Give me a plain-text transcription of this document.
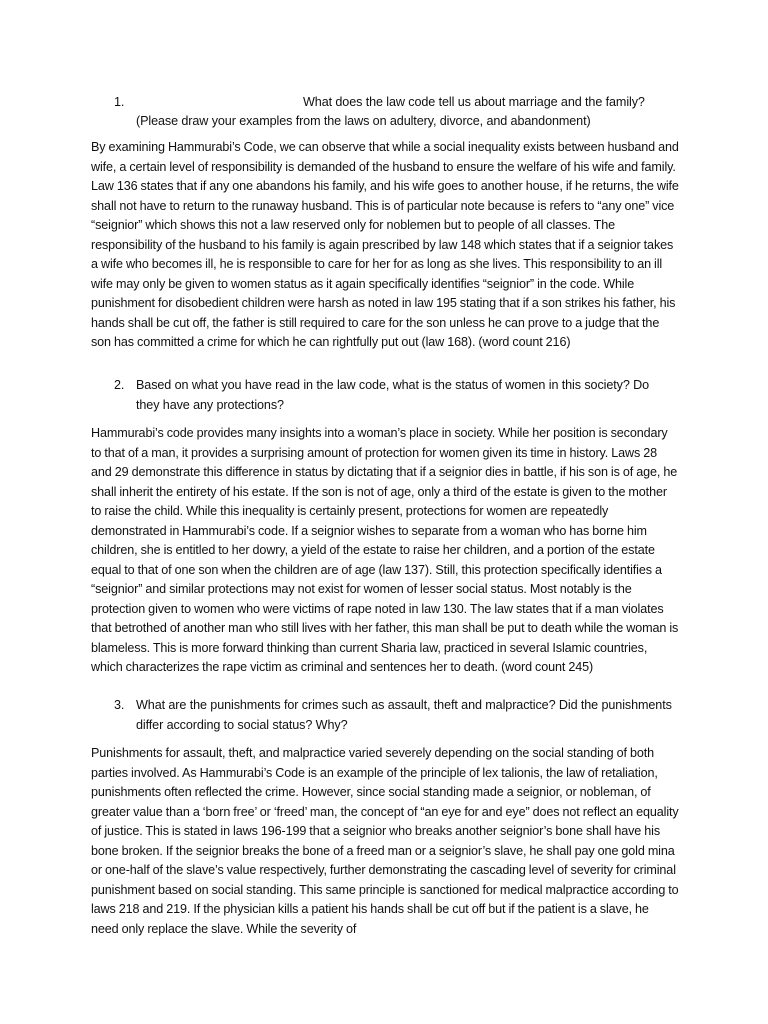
1.	What does the law code tell us about marriage and the family?
(Please draw your examples from the laws on adultery, divorce, and abandonment)
By examining Hammurabi’s Code, we can observe that while a social inequality exists between husband and wife, a certain level of responsibility is demanded of the husband to ensure the welfare of his wife and family. Law 136 states that if any one abandons his family, and his wife goes to another house, if he returns, the wife shall not have to return to the runaway husband. This is of particular note because is refers to “any one” vice “seignior” which shows this not a law reserved only for noblemen but to people of all classes. The responsibility of the husband to his family is again prescribed by law 148 which states that if a seignior takes a wife who becomes ill, he is responsible to care for her for as long as she lives. This responsibility to an ill wife may only be given to women status as it again specifically identifies “seignior” in the code. While punishment for disobedient children were harsh as noted in law 195 stating that if a son strikes his father, his hands shall be cut off, the father is still required to care for the son unless he can prove to a judge that the son has committed a crime for which he can rightfully put out (law 168). (word count 216)
2. Based on what you have read in the law code, what is the status of women in this society? Do they have any protections?
Hammurabi’s code provides many insights into a woman’s place in society. While her position is secondary to that of a man, it provides a surprising amount of protection for women given its time in history. Laws 28 and 29 demonstrate this difference in status by dictating that if a seignior dies in battle, if his son is of age, he shall inherit the entirety of his estate. If the son is not of age, only a third of the estate is given to the mother to raise the child. While this inequality is certainly present, protections for women are repeatedly demonstrated in Hammurabi’s code. If a seignior wishes to separate from a woman who has borne him children, she is entitled to her dowry, a yield of the estate to raise her children, and a portion of the estate equal to that of one son when the children are of age (law 137). Still, this protection specifically identifies a “seignior” and similar protections may not exist for women of lesser social status. Most notably is the protection given to women who were victims of rape noted in law 130. The law states that if a man violates that betrothed of another man who still lives with her father, this man shall be put to death while the woman is blameless. This is more forward thinking than current Sharia law, practiced in several Islamic countries, which characterizes the rape victim as criminal and sentences her to death. (word count 245)
3. What are the punishments for crimes such as assault, theft and malpractice? Did the punishments differ according to social status? Why?
Punishments for assault, theft, and malpractice varied severely depending on the social standing of both parties involved. As Hammurabi’s Code is an example of the principle of lex talionis, the law of retaliation, punishments often reflected the crime. However, since social standing made a seignior, or nobleman, of greater value than a ‘born free’ or ‘freed’ man, the concept of “an eye for and eye” does not reflect an equality of justice. This is stated in laws 196-199 that a seignior who breaks another seignior’s bone shall have his bone broken. If the seignior breaks the bone of a freed man or a seignior’s slave, he shall pay one gold mina or one-half of the slave’s value respectively, further demonstrating the cascading level of severity for criminal punishment based on social standing. This same principle is sanctioned for medical malpractice according to laws 218 and 219. If the physician kills a patient his hands shall be cut off but if the patient is a slave, he need only replace the slave. While the severity of
